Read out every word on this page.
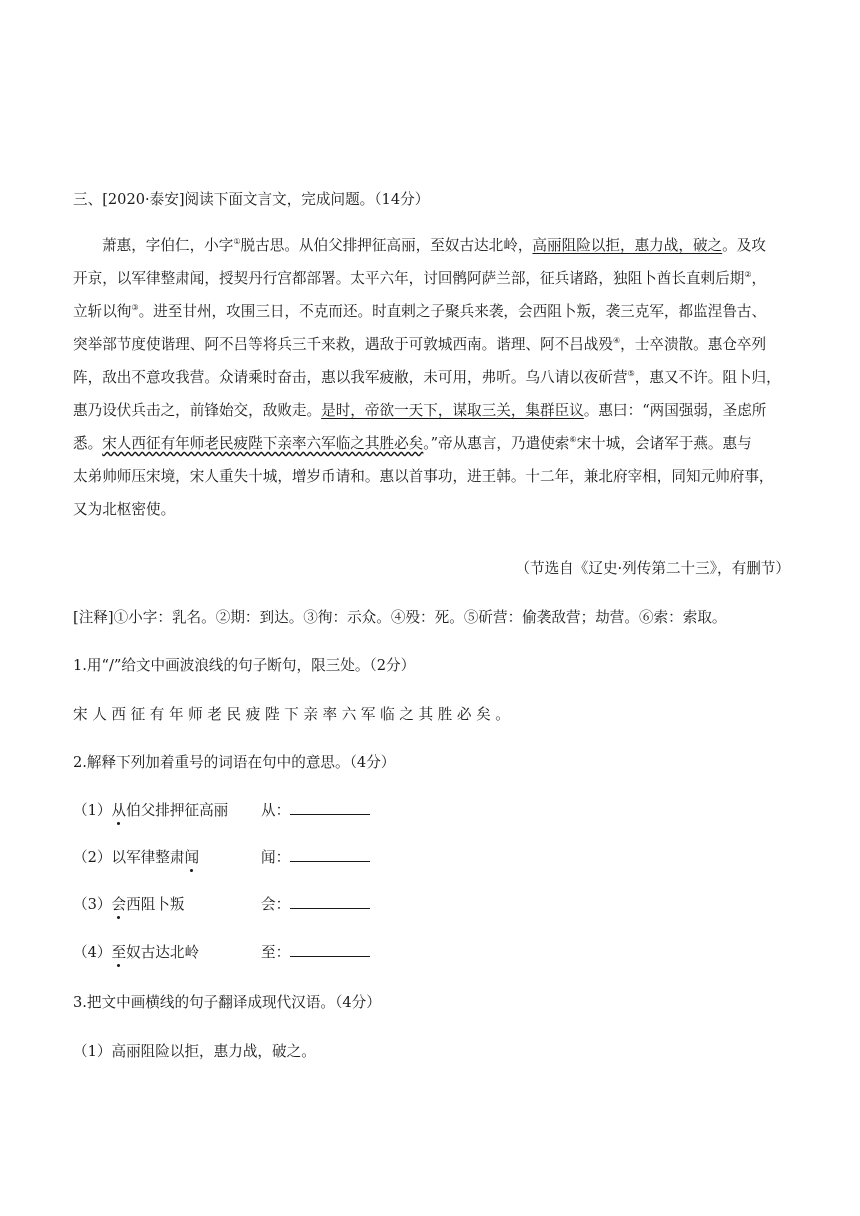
三、[2020·泰安]阅读下面文言文，完成问题。（14分）
萧惠，字伯仁，小字①脱古思。从伯父排押征高丽，至奴古达北岭，高丽阻险以拒，惠力战，破之。及攻
开京，以军律整肃闻，授契丹行宫都部署。太平六年，讨回鹘阿萨兰部，征兵诸路，独阻卜酋长直剌后期②，
立斩以徇③。进至甘州，攻围三日，不克而还。时直剌之子聚兵来袭，会西阻卜叛，袭三克军，都监涅鲁古、
突举部节度使谐理、阿不吕等将兵三千来救，遇敌于可敦城西南。谐理、阿不吕战殁④，士卒溃散。惠仓卒列
阵，敌出不意攻我营。众请乘时奋击，惠以我军疲敝，未可用，弗听。乌八请以夜斫营⑤，惠又不许。阻卜归，
惠乃设伏兵击之，前锋始交，敌败走。是时，帝欲一天下，谋取三关，集群臣议。惠曰：“两国强弱，圣虑所
悉。宋人西征有年师老民疲陛下亲率六军临之其胜必矣。”帝从惠言，乃遣使索⑥宋十城，会诸军于燕。惠与
太弟帅师压宋境，宋人重失十城，增岁币请和。惠以首事功，进王韩。十二年，兼北府宰相，同知元帅府事，
又为北枢密使。
（节选自《辽史·列传第二十三》，有删节）
[注释]①小字：乳名。②期：到达。③徇：示众。④殁：死。⑤斫营：偷袭敌营；劫营。⑥索：索取。
1.用“/”给文中画波浪线的句子断句，限三处。（2分）
宋人西征有年师老民疲陛下亲率六军临之其胜必矣。
2.解释下列加着重号的词语在句中的意思。（4分）
（1）从伯父排押征高丽 从：
（2）以军律整肃闻	闻：
（3）会西阻卜叛	会：
（4）至奴古达北岭	至：
3.把文中画横线的句子翻译成现代汉语。（4分）
（1）高丽阻险以拒，惠力战，破之。
